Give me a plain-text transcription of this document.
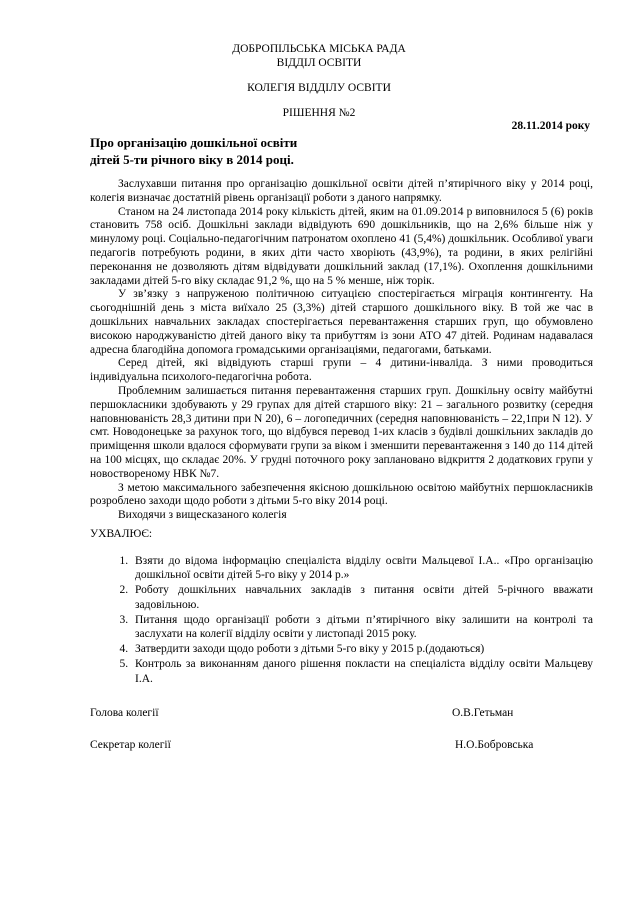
ДОБРОПІЛЬСЬКА МІСЬКА РАДА
ВІДДІЛ ОСВІТИ
КОЛЕГІЯ ВІДДІЛУ ОСВІТИ
РІШЕННЯ №2
28.11.2014 року
Про організацію дошкільної освіти
дітей 5-ти річного віку в 2014 році.

Заслухавши питання про організацію дошкільної освіти дітей п’ятирічного віку у 2014 році, колегія визначає достатній рівень організації роботи з даного напрямку.

Станом на 24 листопада 2014 року кількість дітей, яким на 01.09.2014 р виповнилося 5 (6) років становить 758 осіб. Дошкільні заклади відвідують 690 дошкільників, що на 2,6% більше ніж у минулому році. Соціально-педагогічним патронатом охоплено 41 (5,4%) дошкільник. Особливої уваги педагогів потребують родини, в яких діти часто хворіють (43,9%), та родини, в яких релігійні переконання не дозволяють дітям відвідувати дошкільний заклад (17,1%). Охоплення дошкільними закладами дітей 5-го віку складає 91,2 %, що на 5 % менше, ніж торік.

У зв’язку з напруженою політичною ситуацією спостерігається міграція контингенту. На сьогоднішній день з міста виїхало 25 (3,3%) дітей старшого дошкільного віку. В той же час в дошкільних навчальних закладах спостерігається перевантаження старших груп, що обумовлено високою народжуваністю дітей даного віку та прибуттям із зони АТО 47 дітей. Родинам надавалася адресна благодійна допомога громадськими організаціями, педагогами, батьками.

Серед дітей, які відвідують старші групи – 4 дитини-інваліда. З ними проводиться індивідуальна психолого-педагогічна робота.

Проблемним залишається питання перевантаження старших груп. Дошкільну освіту майбутні першокласники здобувають у 29 групах для дітей старшого віку: 21 – загального розвитку (середня наповнюваність 28,3 дитини при N 20), 6 – логопедичних (середня наповнюваність – 22,1при N 12). У смт. Новодонецьке за рахунок того, що відбувся перевод 1-их класів з будівлі дошкільних закладів до приміщення школи вдалося сформувати групи за віком і зменшити перевантаження з 140 до 114 дітей на 100 місцях, що складає 20%. У грудні поточного року заплановано відкриття 2 додаткових групи у новоствореному НВК №7.

З метою максимального забезпечення якісною дошкільною освітою майбутніх першокласників розроблено заходи щодо роботи з дітьми 5-го віку 2014 році.

Виходячи з вищесказаного колегія

УХВАЛЮЄ:
1. Взяти до відома інформацію спеціаліста відділу освіти Мальцевої І.А.. «Про організацію дошкільної освіти дітей 5-го віку у 2014 р.»
2. Роботу дошкільних навчальних закладів з питання освіти дітей 5-річного вважати задовільною.
3. Питання щодо організації роботи з дітьми п’ятирічного віку залишити на контролі та заслухати на колегії відділу освіти у листопаді 2015 року.
4. Затвердити заходи щодо роботи з дітьми 5-го віку у 2015 р.(додаються)
5. Контроль за виконанням даного рішення покласти на спеціаліста відділу освіти Мальцеву І.А.
Голова колегії	О.В.Гетьман
Секретар колегії	Н.О.Бобровська
